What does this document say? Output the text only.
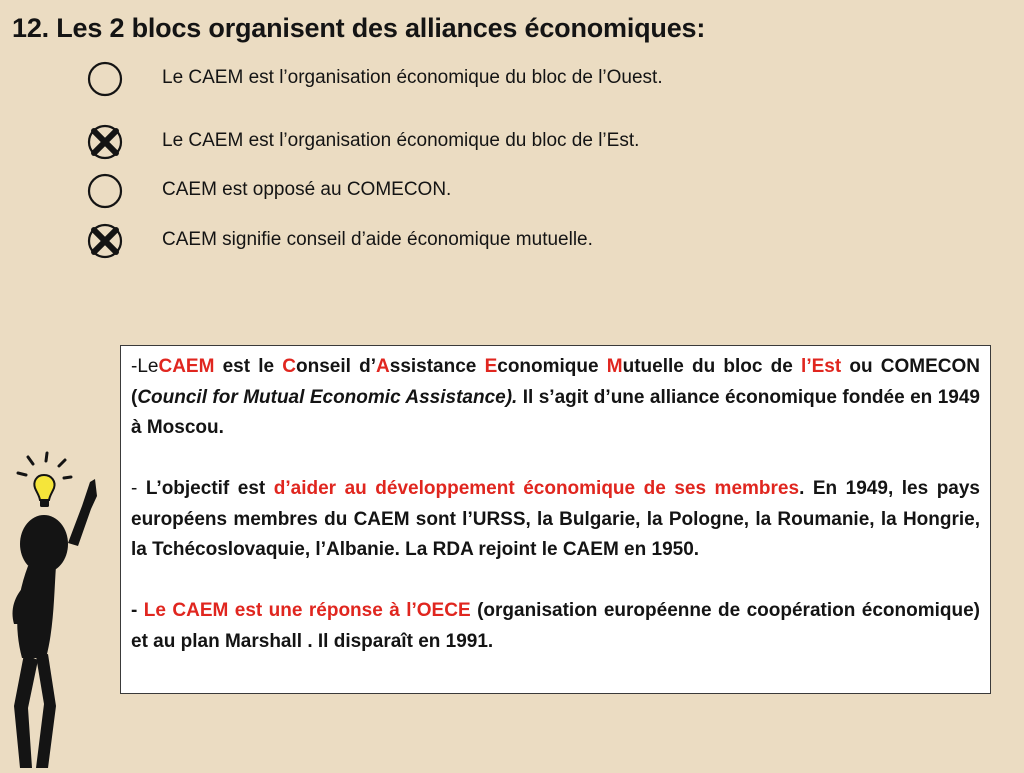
12. Les 2 blocs organisent des alliances économiques:
Le CAEM est l’organisation économique du bloc de l’Ouest.
Le CAEM est l’organisation économique du bloc de l’Est.
CAEM est opposé au COMECON.
CAEM signifie conseil d’aide économique mutuelle.

-LeCAEM est le Conseil d’Assistance Economique Mutuelle du bloc de l’Est ou COMECON (Council for Mutual Economic Assistance). Il s’agit d’une alliance économique fondée en 1949 à Moscou.

- L’objectif est d’aider au développement économique de ses membres. En 1949, les pays européens membres du CAEM sont l’URSS, la Bulgarie, la Pologne, la Roumanie, la Hongrie, la Tchécoslovaquie, l’Albanie. La RDA rejoint le CAEM en 1950.

- Le CAEM est une réponse à l’OECE (organisation européenne de coopération économique) et au plan Marshall . Il disparaît en 1991.
